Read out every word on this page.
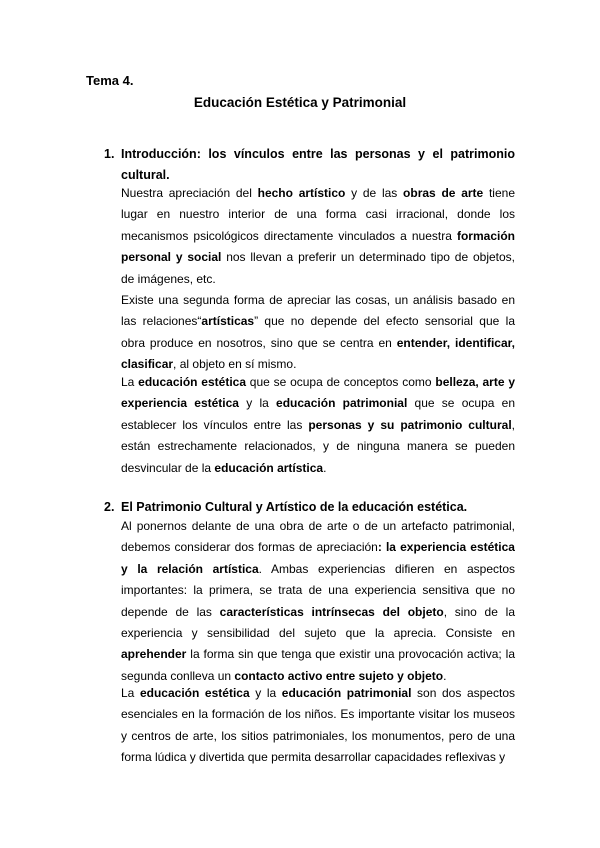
Tema 4.
Educación Estética y Patrimonial
1. Introducción: los vínculos entre las personas y el patrimonio cultural.
Nuestra apreciación del hecho artístico y de las obras de arte tiene lugar en nuestro interior de una forma casi irracional, donde los mecanismos psicológicos directamente vinculados a nuestra formación personal y social nos llevan a preferir un determinado tipo de objetos, de imágenes, etc.
Existe una segunda forma de apreciar las cosas, un análisis basado en las relaciones“artísticas” que no depende del efecto sensorial que la obra produce en nosotros, sino que se centra en entender, identificar, clasificar, al objeto en sí mismo.
La educación estética que se ocupa de conceptos como belleza, arte y experiencia estética y la educación patrimonial que se ocupa en establecer los vínculos entre las personas y su patrimonio cultural, están estrechamente relacionados, y de ninguna manera se pueden desvincular de la educación artística.
2. El Patrimonio Cultural y Artístico de la educación estética.
Al ponernos delante de una obra de arte o de un artefacto patrimonial, debemos considerar dos formas de apreciación: la experiencia estética y la relación artística. Ambas experiencias difieren en aspectos importantes: la primera, se trata de una experiencia sensitiva que no depende de las características intrínsecas del objeto, sino de la experiencia y sensibilidad del sujeto que la aprecia. Consiste en aprehender la forma sin que tenga que existir una provocación activa; la segunda conlleva un contacto activo entre sujeto y objeto.
La educación estética y la educación patrimonial son dos aspectos esenciales en la formación de los niños. Es importante visitar los museos y centros de arte, los sitios patrimoniales, los monumentos, pero de una forma lúdica y divertida que permita desarrollar capacidades reflexivas y
